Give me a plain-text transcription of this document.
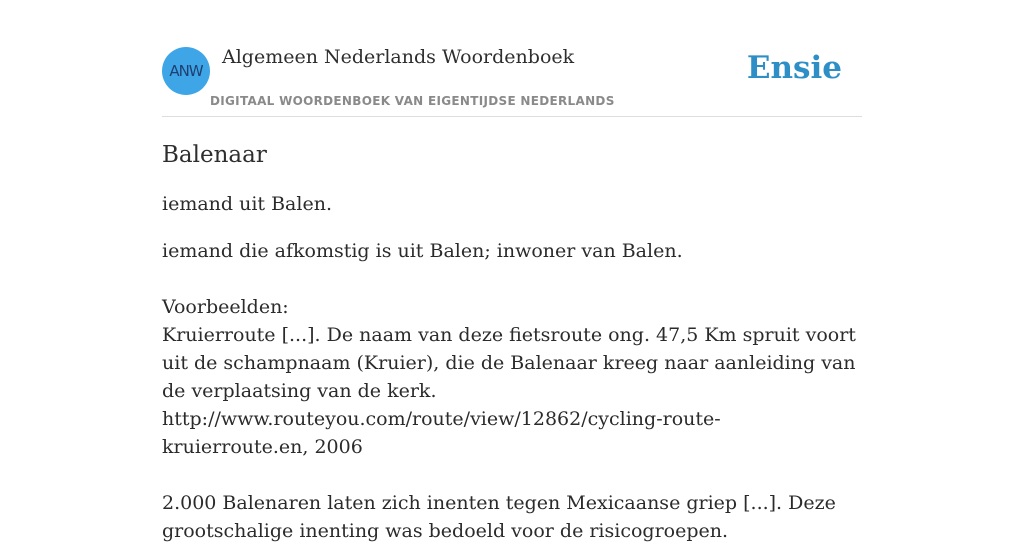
ANW
Algemeen Nederlands Woordenboek
DIGITAAL WOORDENBOEK VAN EIGENTIJDSE NEDERLANDS
Ensie
Balenaar

iemand uit Balen.

iemand die afkomstig is uit Balen; inwoner van Balen.

Voorbeelden:

Kruierroute [...]. De naam van deze fietsroute ong. 47,5 Km spruit voort uit de schampnaam (Kruier), die de Balenaar kreeg naar aanleiding van de verplaatsing van de kerk.

http://www.routeyou.com/route/view/12862/cycling-route-kruierroute.en, 2006

2.000 Balenaren laten zich inenten tegen Mexicaanse griep [...]. Deze grootschalige inenting was bedoeld voor de risicogroepen.
